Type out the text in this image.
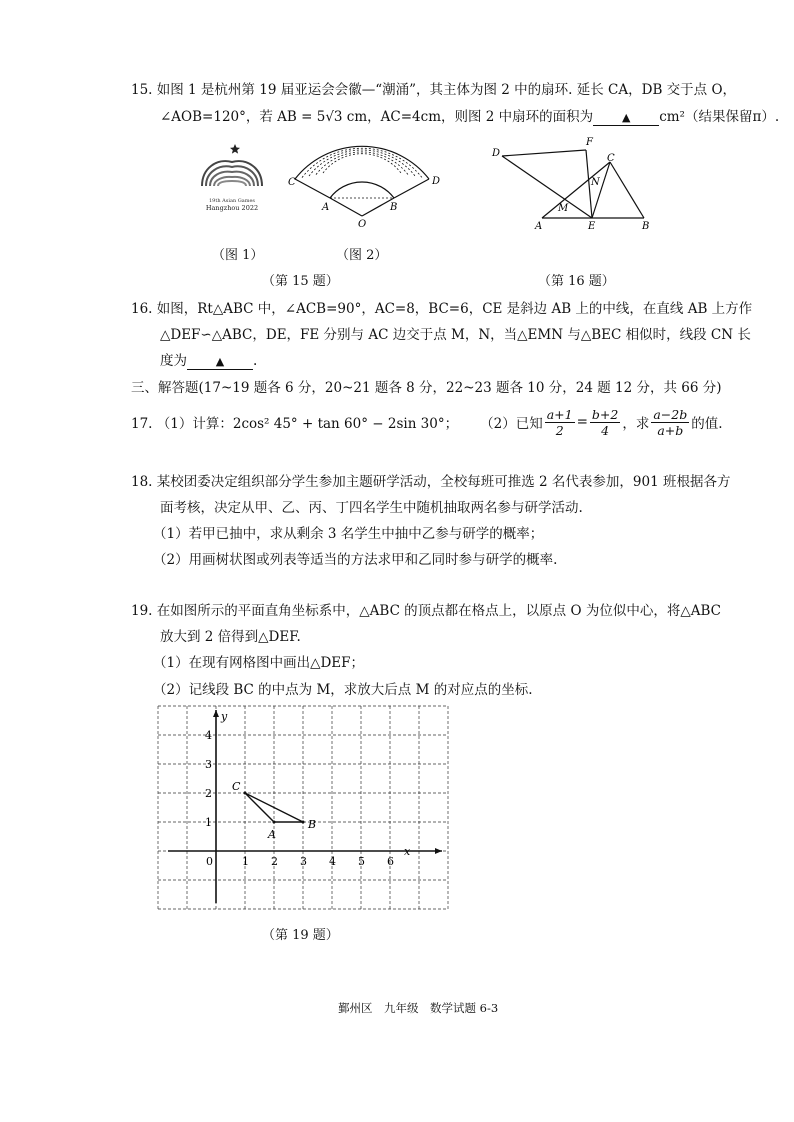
15. 如图 1 是杭州第 19 届亚运会会徽—“潮涌”，其主体为图 2 中的扇环. 延长 CA，DB 交于点 O，
∠AOB=120°，若 AB = 5√3 cm，AC=4cm，则图 2 中扇环的面积为	▲ cm²（结果保留π）.
19th Asian Games
Hangzhou 2022
C
A	B
D
O
（图 1）	（图 2）
（第 15 题）
D
F
C
N
M
A	E	B
（第 16 题）
16. 如图，Rt△ABC 中，∠ACB=90°，AC=8，BC=6，CE 是斜边 AB 上的中线，在直线 AB 上方作
△DEF∽△ABC，DE，FE 分别与 AC 边交于点 M，N，当△EMN 与△BEC 相似时，线段 CN 长
度为	▲ .
三、解答题(17~19 题各 6 分，20~21 题各 8 分，22~23 题各 10 分，24 题 12 分，共 66 分)
17. （1）计算：2cos² 45° + tan 60° − 2sin 30°； （2）已知 $\frac{a+1}{2} = \frac{b+2}{4}$ ，求 $\frac{a-2b}{a+b}$ 的值.
18. 某校团委决定组织部分学生参加主题研学活动，全校每班可推选 2 名代表参加，901 班根据各方
面考核，决定从甲、乙、丙、丁四名学生中随机抽取两名参与研学活动.
（1）若甲已抽中，求从剩余 3 名学生中抽中乙参与研学的概率；
（2）用画树状图或列表等适当的方法求甲和乙同时参与研学的概率.
19. 在如图所示的平面直角坐标系中，△ABC 的顶点都在格点上，以原点 O 为位似中心，将△ABC
放大到 2 倍得到△DEF.
（1）在现有网格图中画出△DEF；
（2）记线段 BC 的中点为 M，求放大后点 M 的对应点的坐标.
x
y
0	1 2 3 4 5 6
1
2
3
4
A
B
C
（第 19 题）
鄞州区　九年级　数学试题 6-3
